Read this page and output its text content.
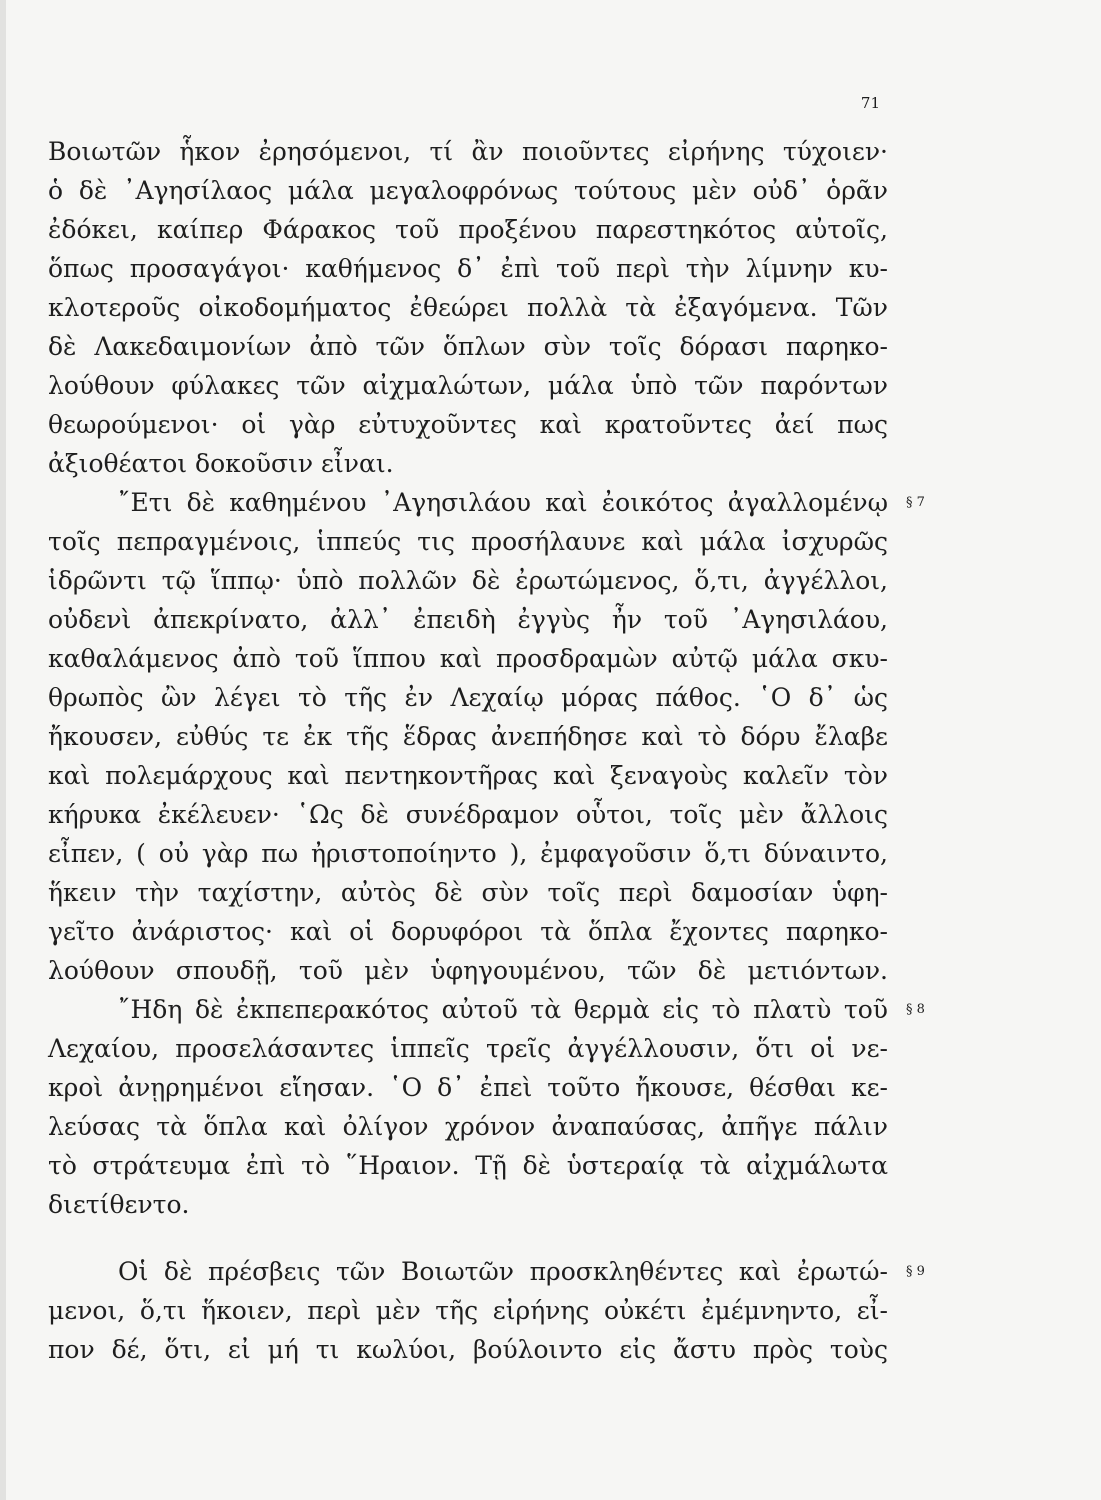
71
Βοιωτῶν ἧκον ἐρησόμενοι, τί ἂν ποιοῦντες εἰρήνης τύχοιεν·
ὁ δὲ ᾿Αγησίλαος μάλα μεγαλοφρόνως τούτους μὲν οὐδ᾿ ὁρᾶν
ἐδόκει, καίπερ Φάρακος τοῦ προξένου παρεστηκότος αὐτοῖς,
ὅπως προσαγάγοι· καθήμενος δ᾿ ἐπὶ τοῦ περὶ τὴν λίμνην κυ-
κλοτεροῦς οἰκοδομήματος ἐθεώρει πολλὰ τὰ ἐξαγόμενα. Τῶν
δὲ Λακεδαιμονίων ἀπὸ τῶν ὅπλων σὺν τοῖς δόρασι παρηκο-
λούθουν φύλακες τῶν αἰχμαλώτων, μάλα ὑπὸ τῶν παρόντων
θεωρούμενοι· οἱ γὰρ εὐτυχοῦντες καὶ κρατοῦντες ἀεί πως
ἀξιοθέατοι δοκοῦσιν εἶναι.
῎Ετι δὲ καθημένου ᾿Αγησιλάου καὶ ἐοικότος ἀγαλλομένῳ
τοῖς πεπραγμένοις, ἱππεύς τις προσήλαυνε καὶ μάλα ἰσχυρῶς
ἱδρῶντι τῷ ἵππῳ· ὑπὸ πολλῶν δὲ ἐρωτώμενος, ὅ,τι, ἀγγέλλοι,
οὐδενὶ ἀπεκρίνατο, ἀλλ᾿ ἐπειδὴ ἐγγὺς ἦν τοῦ ᾿Αγησιλάου,
καθαλάμενος ἀπὸ τοῦ ἵππου καὶ προσδραμὼν αὐτῷ μάλα σκυ-
θρωπὸς ὢν λέγει τὸ τῆς ἐν Λεχαίῳ μόρας πάθος. ῾Ο δ᾿ ὡς
ἤκουσεν, εὐθύς τε ἐκ τῆς ἕδρας ἀνεπήδησε καὶ τὸ δόρυ ἔλαβε
καὶ πολεμάρχους καὶ πεντηκοντῆρας καὶ ξεναγοὺς καλεῖν τὸν
κήρυκα ἐκέλευεν· ῾Ως δὲ συνέδραμον οὗτοι, τοῖς μὲν ἄλλοις
εἶπεν, ( οὐ γὰρ πω ἠριστοποίηντο ), ἐμφαγοῦσιν ὅ,τι δύναιντο,
ἥκειν τὴν ταχίστην, αὐτὸς δὲ σὺν τοῖς περὶ δαμοσίαν ὑφη-
γεῖτο ἀνάριστος· καὶ οἱ δορυφόροι τὰ ὅπλα ἔχοντες παρηκο-
λούθουν σπουδῇ, τοῦ μὲν ὑφηγουμένου, τῶν δὲ μετιόντων.
῎Ηδη δὲ ἐκπεπερακότος αὐτοῦ τὰ θερμὰ εἰς τὸ πλατὺ τοῦ
Λεχαίου, προσελάσαντες ἱππεῖς τρεῖς ἀγγέλλουσιν, ὅτι οἱ νε-
κροὶ ἀνῃρημένοι εἴησαν. ῾Ο δ᾿ ἐπεὶ τοῦτο ἤκουσε, θέσθαι κε-
λεύσας τὰ ὅπλα καὶ ὀλίγον χρόνον ἀναπαύσας, ἀπῆγε πάλιν
τὸ στράτευμα ἐπὶ τὸ ῞Ηραιον. Τῇ δὲ ὑστεραίᾳ τὰ αἰχμάλωτα
διετίθεντο.
Οἱ δὲ πρέσβεις τῶν Βοιωτῶν προσκληθέντες καὶ ἐρωτώ-
μενοι, ὅ,τι ἥκοιεν, περὶ μὲν τῆς εἰρήνης οὐκέτι ἐμέμνηντο, εἶ-
πον δέ, ὅτι, εἰ μή τι κωλύοι, βούλοιντο εἰς ἄστυ πρὸς τοὺς
§ 7
§ 8
§ 9
